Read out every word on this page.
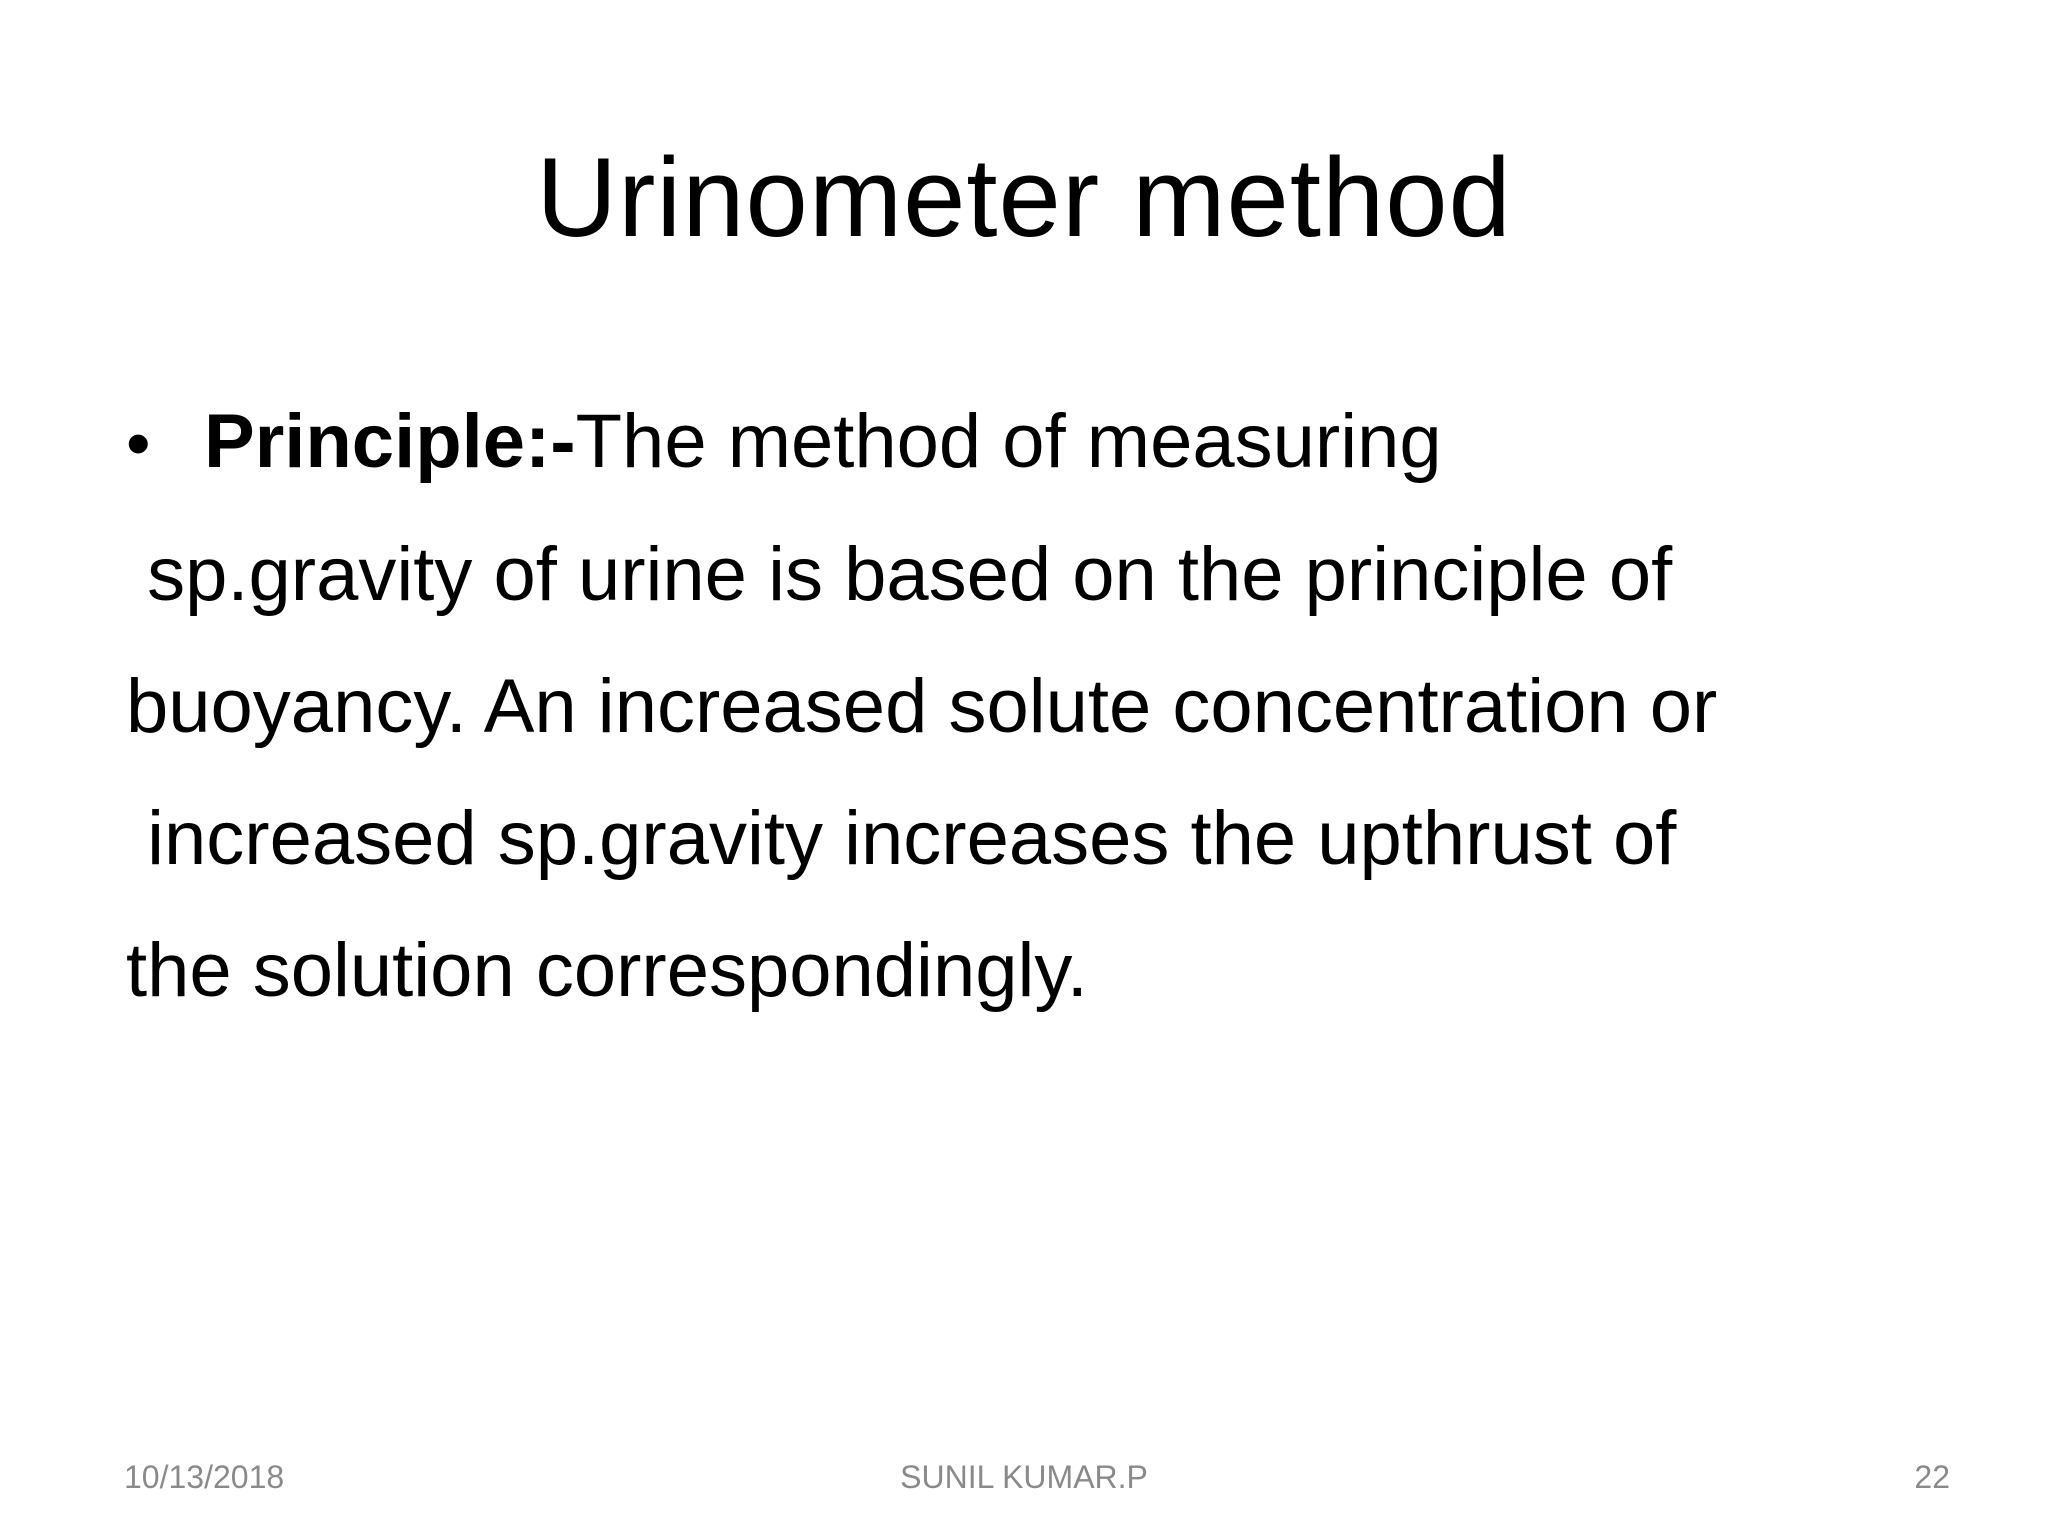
Urinometer method
• Principle:-The method of measuring
sp.gravity of urine is based on the principle of
buoyancy. An increased solute concentration or
increased sp.gravity increases the upthrust of
the solution correspondingly.
10/13/2018	SUNIL KUMAR.P	22
